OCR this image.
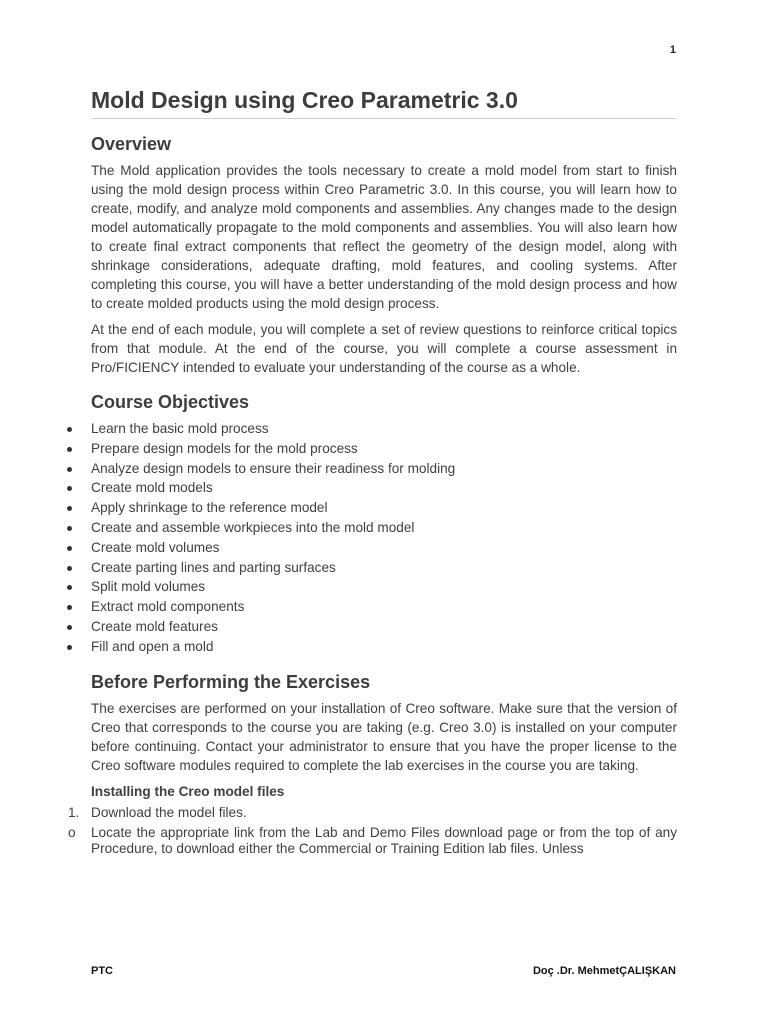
1
Mold Design using Creo Parametric 3.0
Overview

The Mold application provides the tools necessary to create a mold model from start to finish using the mold design process within Creo Parametric 3.0. In this course, you will learn how to create, modify, and analyze mold components and assemblies. Any changes made to the design model automatically propagate to the mold components and assemblies. You will also learn how to create final extract components that reflect the geometry of the design model, along with shrinkage considerations, adequate drafting, mold features, and cooling systems. After completing this course, you will have a better understanding of the mold design process and how to create molded products using the mold design process.

At the end of each module, you will complete a set of review questions to reinforce critical topics from that module. At the end of the course, you will complete a course assessment in Pro/FICIENCY intended to evaluate your understanding of the course as a whole.

Course Objectives
Learn the basic mold process
Prepare design models for the mold process
Analyze design models to ensure their readiness for molding
Create mold models
Apply shrinkage to the reference model
Create and assemble workpieces into the mold model
Create mold volumes
Create parting lines and parting surfaces
Split mold volumes
Extract mold components
Create mold features
Fill and open a mold
Before Performing the Exercises

The exercises are performed on your installation of Creo software. Make sure that the version of Creo that corresponds to the course you are taking (e.g. Creo 3.0) is installed on your computer before continuing. Contact your administrator to ensure that you have the proper license to the Creo software modules required to complete the lab exercises in the course you are taking.

Installing the Creo model files
1. Download the model files.
o Locate the appropriate link from the Lab and Demo Files download page or from the top of any Procedure, to download either the Commercial or Training Edition lab files. Unless
PTC	Doç .Dr. MehmetÇALIŞKAN
